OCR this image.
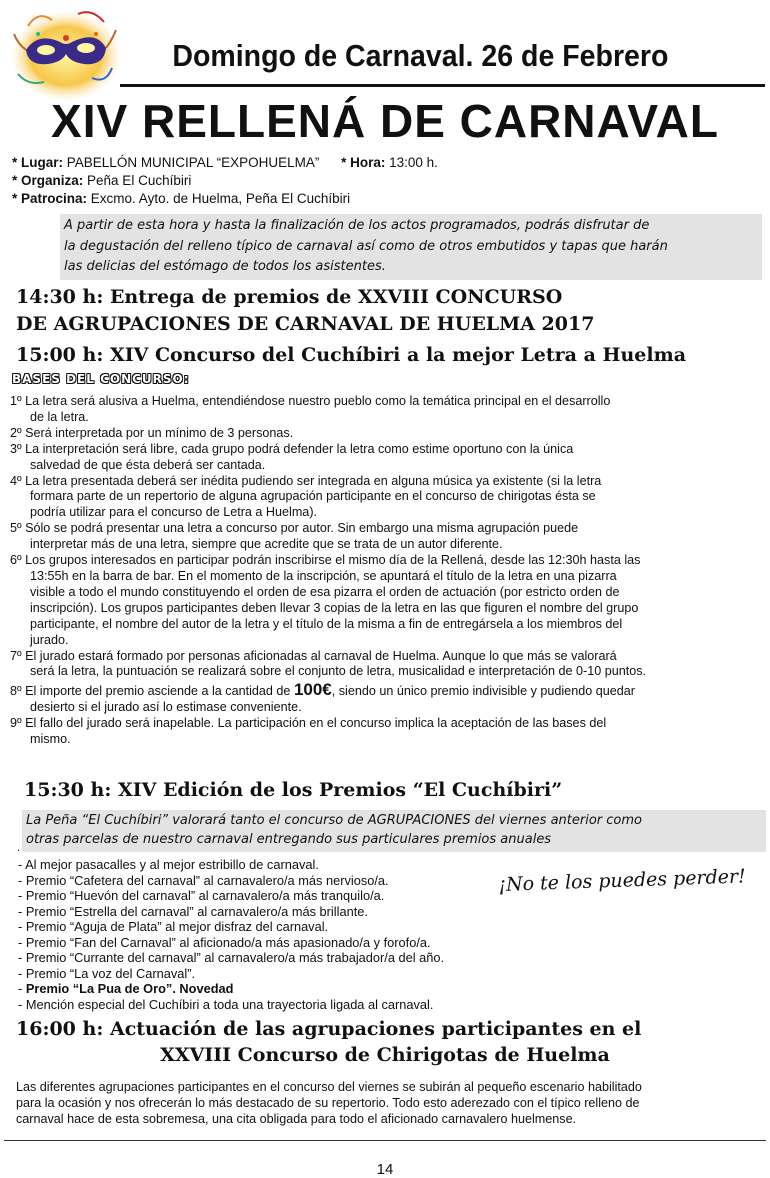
Domingo de Carnaval. 26 de Febrero
XIV RELLENÁ DE CARNAVAL
* Lugar: PABELLÓN MUNICIPAL “EXPOHUELMA” * Hora: 13:00 h.
* Organiza: Peña El Cuchíbiri
* Patrocina: Excmo. Ayto. de Huelma, Peña El Cuchíbiri
A partir de esta hora y hasta la finalización de los actos programados, podrás disfrutar de
la degustación del relleno típico de carnaval así como de otros embutidos y tapas que harán
las delicias del estómago de todos los asistentes.
14:30 h: Entrega de premios de XXVIII CONCURSO
DE AGRUPACIONES DE CARNAVAL DE HUELMA 2017
15:00 h: XIV Concurso del Cuchíbiri a la mejor Letra a Huelma
BASES DEL CONCURSO:
1º La letra será alusiva a Huelma, entendiéndose nuestro pueblo como la temática principal en el desarrollo
de la letra.
2º Será interpretada por un mínimo de 3 personas.
3º La interpretación será libre, cada grupo podrá defender la letra como estime oportuno con la única
salvedad de que ésta deberá ser cantada.
4º La letra presentada deberá ser inédita pudiendo ser integrada en alguna música ya existente (si la letra
formara parte de un repertorio de alguna agrupación participante en el concurso de chirigotas ésta se
podría utilizar para el concurso de Letra a Huelma).
5º Sólo se podrá presentar una letra a concurso por autor. Sin embargo una misma agrupación puede
interpretar más de una letra, siempre que acredite que se trata de un autor diferente.
6º Los grupos interesados en participar podrán inscribirse el mismo día de la Rellená, desde las 12:30h hasta las
13:55h en la barra de bar. En el momento de la inscripción, se apuntará el título de la letra en una pizarra
visible a todo el mundo constituyendo el orden de esa pizarra el orden de actuación (por estricto orden de
inscripción). Los grupos participantes deben llevar 3 copias de la letra en las que figuren el nombre del grupo
participante, el nombre del autor de la letra y el título de la misma a fin de entregársela a los miembros del
jurado.
7º El jurado estará formado por personas aficionadas al carnaval de Huelma. Aunque lo que más se valorará
será la letra, la puntuación se realizará sobre el conjunto de letra, musicalidad e interpretación de 0-10 puntos.
8º El importe del premio asciende a la cantidad de 100€, siendo un único premio indivisible y pudiendo quedar
desierto si el jurado así lo estimase conveniente.
9º El fallo del jurado será inapelable. La participación en el concurso implica la aceptación de las bases del
mismo.
15:30 h: XIV Edición de los Premios “El Cuchíbiri”
La Peña “El Cuchíbiri” valorará tanto el concurso de AGRUPACIONES del viernes anterior como
otras parcelas de nuestro carnaval entregando sus particulares premios anuales
.
- Al mejor pasacalles y al mejor estribillo de carnaval.
- Premio “Cafetera del carnaval” al carnavalero/a más nervioso/a.
- Premio “Huevón del carnaval” al carnavalero/a más tranquilo/a.
- Premio “Estrella del carnaval” al carnavalero/a más brillante.
- Premio “Aguja de Plata” al mejor disfraz del carnaval.
- Premio “Fan del Carnaval” al aficionado/a más apasionado/a y forofo/a.
- Premio “Currante del carnaval” al carnavalero/a más trabajador/a del año.
- Premio “La voz del Carnaval”.
- Premio “La Pua de Oro”. Novedad
- Mención especial del Cuchíbiri a toda una trayectoria ligada al carnaval.
¡No te los puedes perder!
16:00 h: Actuación de las agrupaciones participantes en el
XXVIII Concurso de Chirigotas de Huelma
Las diferentes agrupaciones participantes en el concurso del viernes se subirán al pequeño escenario habilitado
para la ocasión y nos ofrecerán lo más destacado de su repertorio. Todo esto aderezado con el típico relleno de
carnaval hace de esta sobremesa, una cita obligada para todo el aficionado carnavalero huelmense.
14
